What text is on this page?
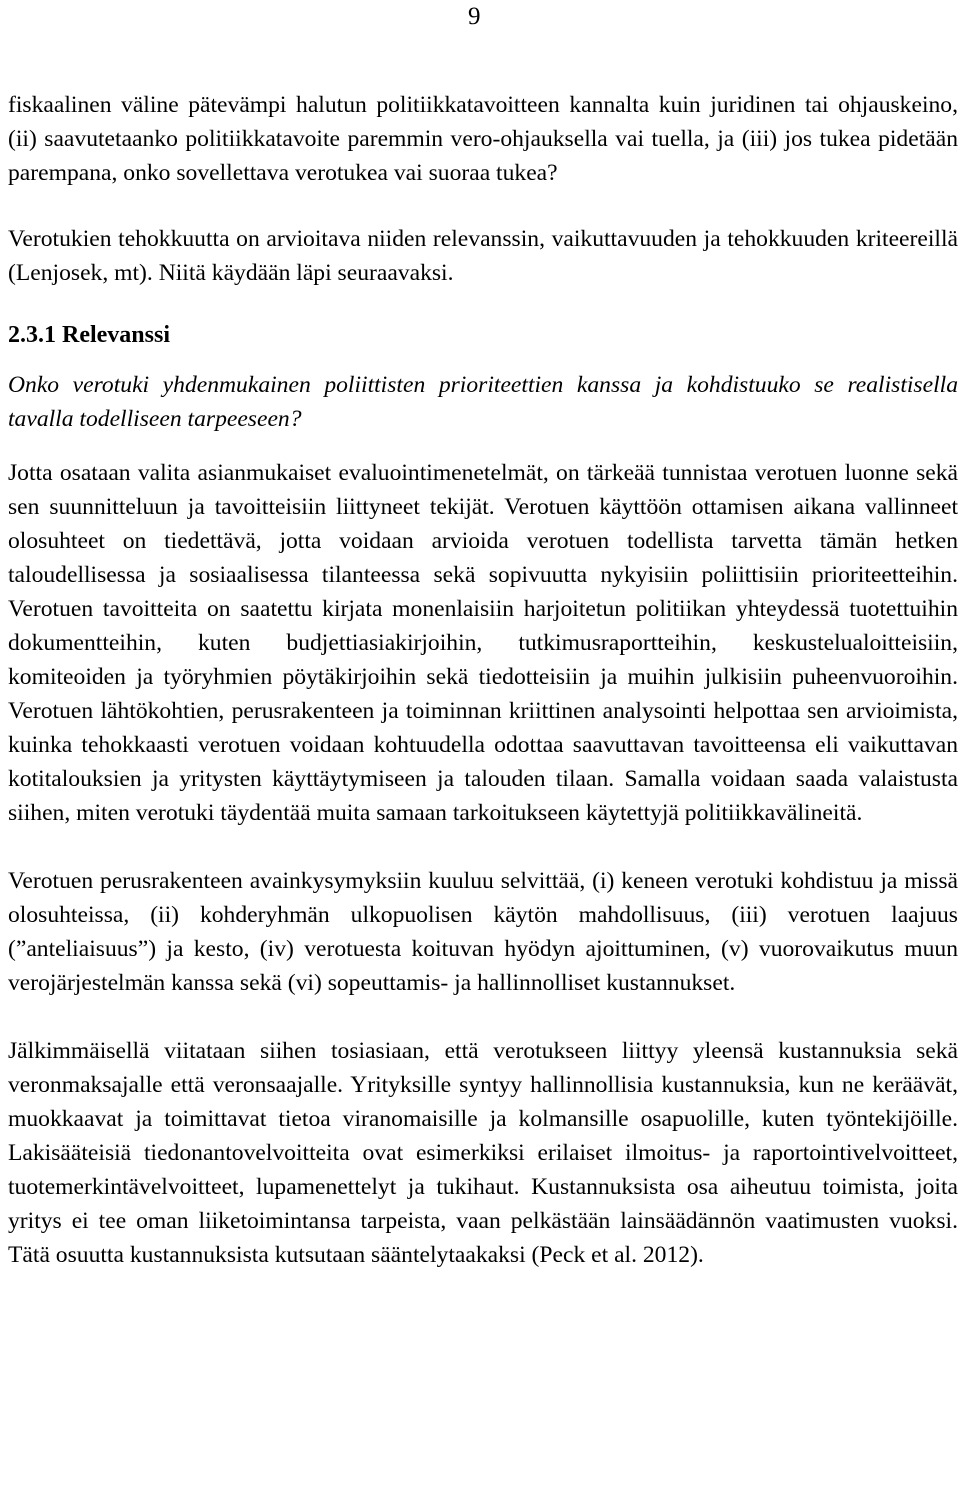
9

fiskaalinen väline pätevämpi halutun politiikkatavoitteen kannalta kuin juridinen tai ohjauskeino, (ii) saavutetaanko politiikkatavoite paremmin vero-ohjauksella vai tuella, ja (iii) jos tukea pidetään parempana, onko sovellettava verotukea vai suoraa tukea?

Verotukien tehokkuutta on arvioitava niiden relevanssin, vaikuttavuuden ja tehokkuuden kriteereillä (Lenjosek, mt). Niitä käydään läpi seuraavaksi.

2.3.1 Relevanssi

Onko verotuki yhdenmukainen poliittisten prioriteettien kanssa ja kohdistuuko se realistisella tavalla todelliseen tarpeeseen?

Jotta osataan valita asianmukaiset evaluointimenetelmät, on tärkeää tunnistaa verotuen luonne sekä sen suunnitteluun ja tavoitteisiin liittyneet tekijät. Verotuen käyttöön ottamisen aikana vallinneet olosuhteet on tiedettävä, jotta voidaan arvioida verotuen todellista tarvetta tämän hetken taloudellisessa ja sosiaalisessa tilanteessa sekä sopivuutta nykyisiin poliittisiin prioriteetteihin. Verotuen tavoitteita on saatettu kirjata monenlaisiin harjoitetun politiikan yhteydessä tuotettuihin dokumentteihin, kuten budjettiasiakirjoihin, tutkimusraportteihin, keskustelualoitteisiin, komiteoiden ja työryhmien pöytäkirjoihin sekä tiedotteisiin ja muihin julkisiin puheenvuoroihin. Verotuen lähtökohtien, perusrakenteen ja toiminnan kriittinen analysointi helpottaa sen arvioimista, kuinka tehokkaasti verotuen voidaan kohtuudella odottaa saavuttavan tavoitteensa eli vaikuttavan kotitalouksien ja yritysten käyttäytymiseen ja talouden tilaan. Samalla voidaan saada valaistusta siihen, miten verotuki täydentää muita samaan tarkoitukseen käytettyjä politiikkavälineitä.

Verotuen perusrakenteen avainkysymyksiin kuuluu selvittää, (i) keneen verotuki kohdistuu ja missä olosuhteissa, (ii) kohderyhmän ulkopuolisen käytön mahdollisuus, (iii) verotuen laajuus (”anteliaisuus”) ja kesto, (iv) verotuesta koituvan hyödyn ajoittuminen, (v) vuorovaikutus muun verojärjestelmän kanssa sekä (vi) sopeuttamis- ja hallinnolliset kustannukset.

Jälkimmäisellä viitataan siihen tosiasiaan, että verotukseen liittyy yleensä kustannuksia sekä veronmaksajalle että veronsaajalle. Yrityksille syntyy hallinnollisia kustannuksia, kun ne keräävät, muokkaavat ja toimittavat tietoa viranomaisille ja kolmansille osapuolille, kuten työntekijöille. Lakisääteisiä tiedonantovelvoitteita ovat esimerkiksi erilaiset ilmoitus- ja raportointivelvoitteet, tuotemerkintävelvoitteet, lupamenettelyt ja tukihaut. Kustannuksista osa aiheutuu toimista, joita yritys ei tee oman liiketoimintansa tarpeista, vaan pelkästään lainsäädännön vaatimusten vuoksi. Tätä osuutta kustannuksista kutsutaan sääntelytaakaksi (Peck et al. 2012).
